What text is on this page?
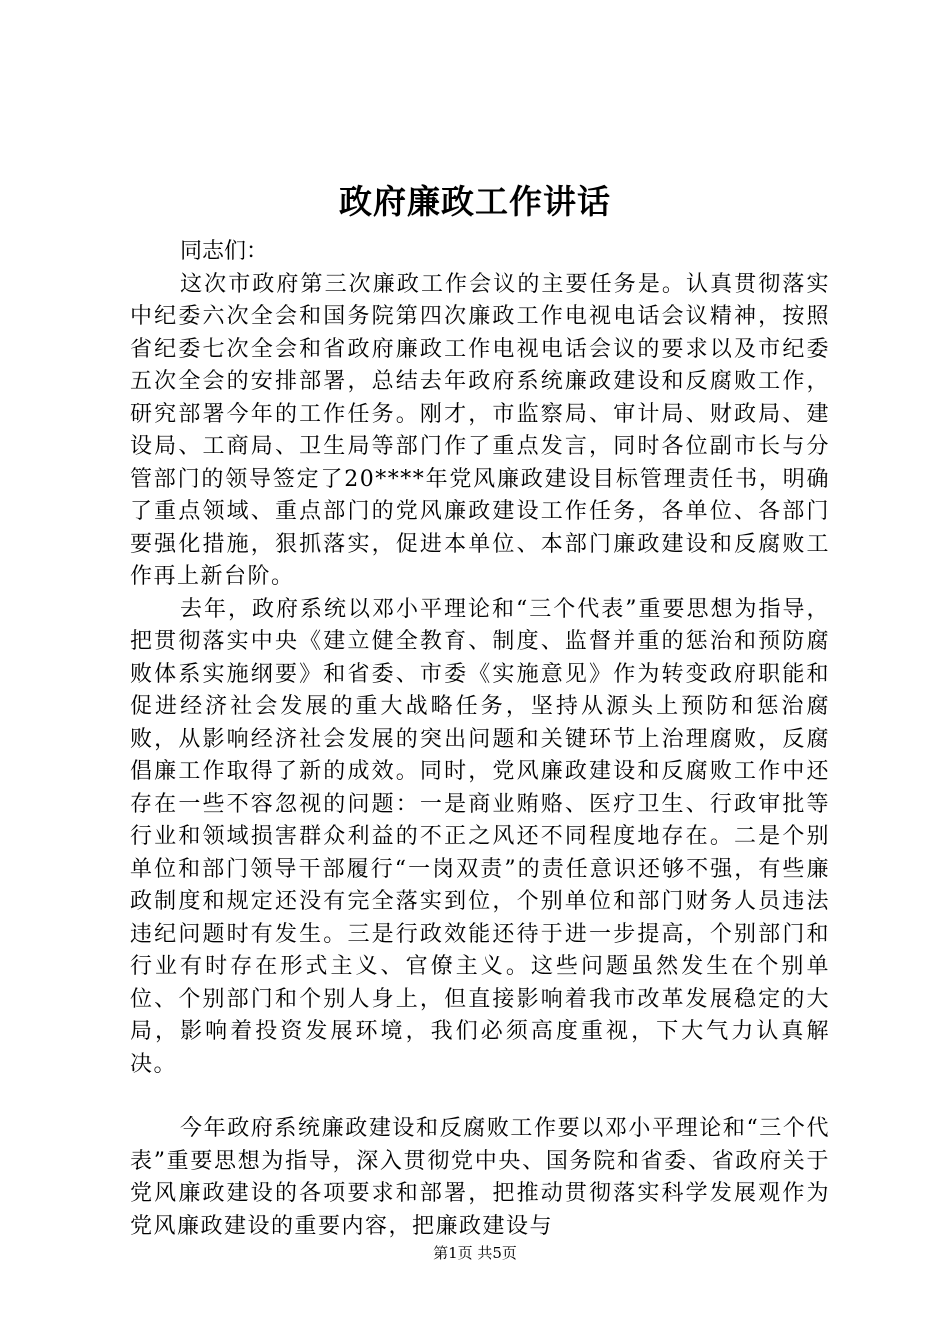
政府廉政工作讲话

同志们：

这次市政府第三次廉政工作会议的主要任务是。认真贯彻落实中纪委六次全会和国务院第四次廉政工作电视电话会议精神，按照省纪委七次全会和省政府廉政工作电视电话会议的要求以及市纪委五次全会的安排部署，总结去年政府系统廉政建设和反腐败工作，研究部署今年的工作任务。刚才，市监察局、审计局、财政局、建设局、工商局、卫生局等部门作了重点发言，同时各位副市长与分管部门的领导签定了20****年党风廉政建设目标管理责任书，明确了重点领域、重点部门的党风廉政建设工作任务，各单位、各部门要强化措施，狠抓落实，促进本单位、本部门廉政建设和反腐败工作再上新台阶。

去年，政府系统以邓小平理论和“三个代表”重要思想为指导，把贯彻落实中央《建立健全教育、制度、监督并重的惩治和预防腐败体系实施纲要》和省委、市委《实施意见》作为转变政府职能和促进经济社会发展的重大战略任务，坚持从源头上预防和惩治腐败，从影响经济社会发展的突出问题和关键环节上治理腐败，反腐倡廉工作取得了新的成效。同时，党风廉政建设和反腐败工作中还存在一些不容忽视的问题：一是商业贿赂、医疗卫生、行政审批等行业和领域损害群众利益的不正之风还不同程度地存在。二是个别单位和部门领导干部履行“一岗双责”的责任意识还够不强，有些廉政制度和规定还没有完全落实到位，个别单位和部门财务人员违法违纪问题时有发生。三是行政效能还待于进一步提高，个别部门和行业有时存在形式主义、官僚主义。这些问题虽然发生在个别单位、个别部门和个别人身上，但直接影响着我市改革发展稳定的大局，影响着投资发展环境，我们必须高度重视，下大气力认真解决。

今年政府系统廉政建设和反腐败工作要以邓小平理论和“三个代表”重要思想为指导，深入贯彻党中央、国务院和省委、省政府关于党风廉政建设的各项要求和部署，把推动贯彻落实科学发展观作为党风廉政建设的重要内容，把廉政建设与

第1页 共5页
